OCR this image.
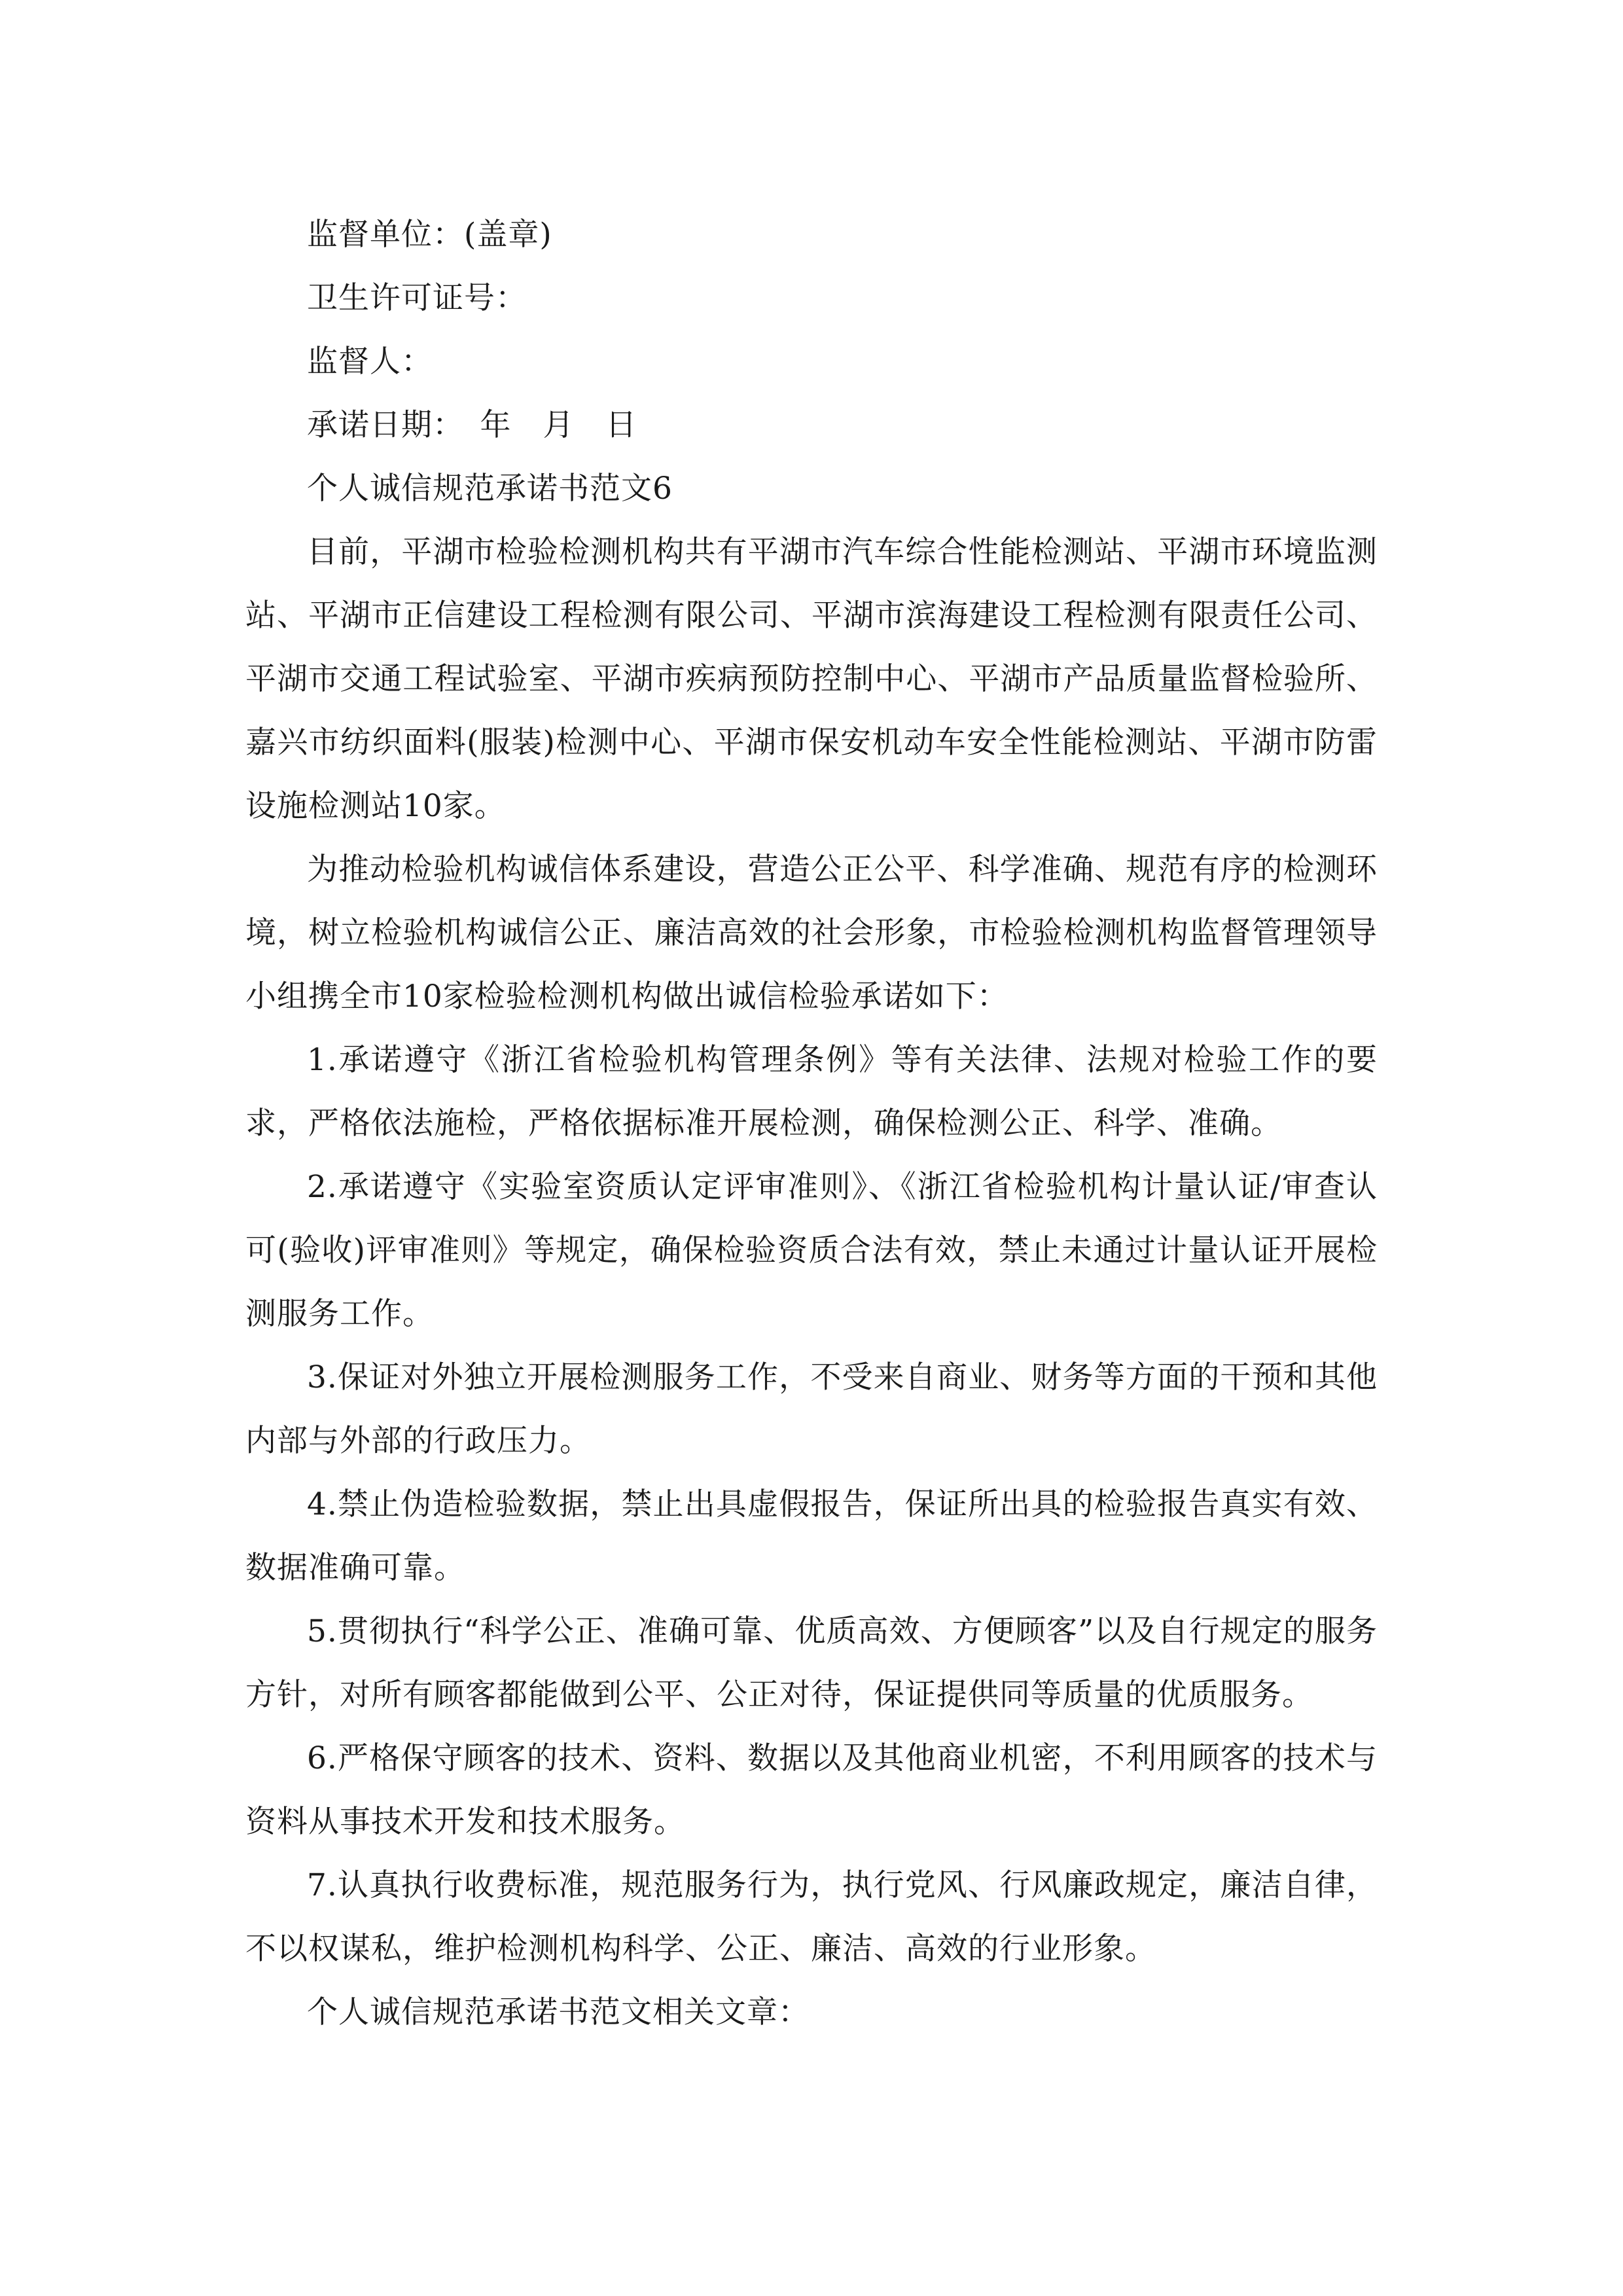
监督单位：(盖章)

卫生许可证号：

监督人：

承诺日期：　年　月　日

个人诚信规范承诺书范文6

目前，平湖市检验检测机构共有平湖市汽车综合性能检测站、平湖市环境监测站、平湖市正信建设工程检测有限公司、平湖市滨海建设工程检测有限责任公司、平湖市交通工程试验室、平湖市疾病预防控制中心、平湖市产品质量监督检验所、嘉兴市纺织面料(服装)检测中心、平湖市保安机动车安全性能检测站、平湖市防雷设施检测站10家。

为推动检验机构诚信体系建设，营造公正公平、科学准确、规范有序的检测环境，树立检验机构诚信公正、廉洁高效的社会形象，市检验检测机构监督管理领导小组携全市10家检验检测机构做出诚信检验承诺如下：

1.承诺遵守《浙江省检验机构管理条例》等有关法律、法规对检验工作的要求，严格依法施检，严格依据标准开展检测，确保检测公正、科学、准确。

2.承诺遵守《实验室资质认定评审准则》、《浙江省检验机构计量认证/审查认可(验收)评审准则》等规定，确保检验资质合法有效，禁止未通过计量认证开展检测服务工作。

3.保证对外独立开展检测服务工作，不受来自商业、财务等方面的干预和其他内部与外部的行政压力。

4.禁止伪造检验数据，禁止出具虚假报告，保证所出具的检验报告真实有效、数据准确可靠。

5.贯彻执行“科学公正、准确可靠、优质高效、方便顾客”以及自行规定的服务方针，对所有顾客都能做到公平、公正对待，保证提供同等质量的优质服务。

6.严格保守顾客的技术、资料、数据以及其他商业机密，不利用顾客的技术与资料从事技术开发和技术服务。

7.认真执行收费标准，规范服务行为，执行党风、行风廉政规定，廉洁自律，不以权谋私，维护检测机构科学、公正、廉洁、高效的行业形象。

个人诚信规范承诺书范文相关文章：
